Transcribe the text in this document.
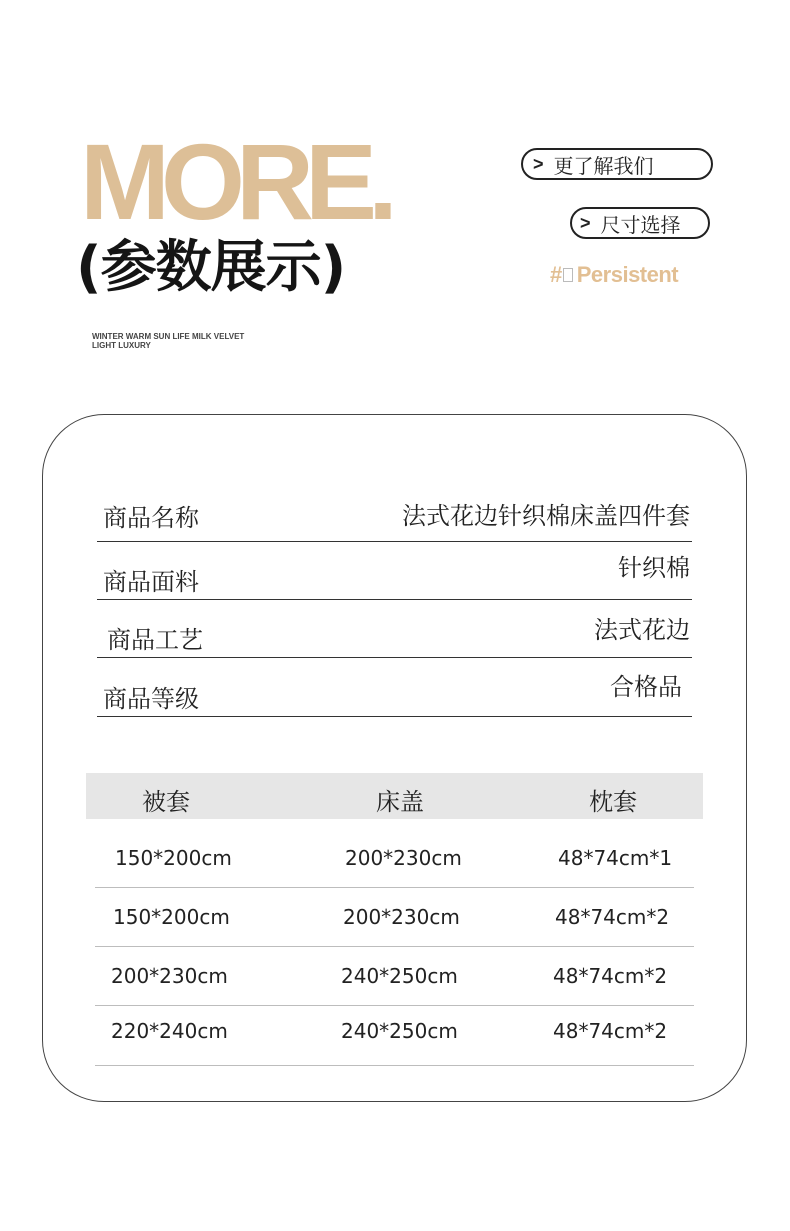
MORE.
(参数展示)
WINTER WARM SUN LIFE MILK VELVET
LIGHT LUXURY
> 更了解我们
> 尺寸选择
# Persistent
商品名称	法式花边针织棉床盖四件套
商品面料	针织棉
商品工艺	法式花边
商品等级	合格品
被套	床盖	枕套
150*200cm	200*230cm	48*74cm*1
150*200cm	200*230cm	48*74cm*2
200*230cm	240*250cm	48*74cm*2
220*240cm	240*250cm	48*74cm*2
